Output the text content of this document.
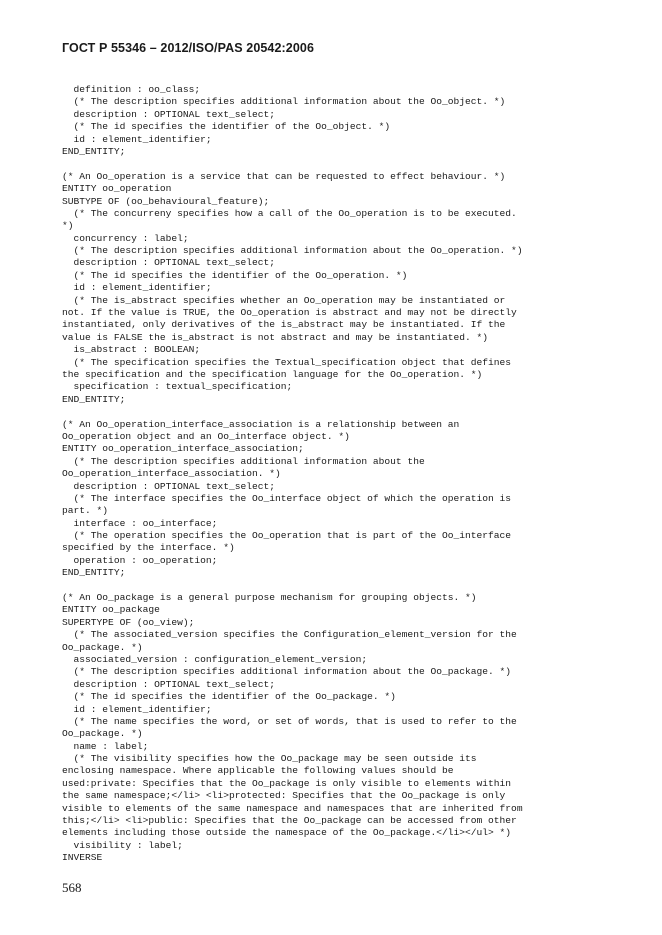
ГОСТ Р 55346 – 2012/ISO/PAS 20542:2006
definition : oo_class;
(* The description specifies additional information about the Oo_object. *)
description : OPTIONAL text_select;
(* The id specifies the identifier of the Oo_object. *)
id : element_identifier;
END_ENTITY;
(* An Oo_operation is a service that can be requested to effect behaviour. *)
ENTITY oo_operation
SUBTYPE OF (oo_behavioural_feature);
(* The concurreny specifies how a call of the Oo_operation is to be executed.
*)
concurrency : label;
(* The description specifies additional information about the Oo_operation. *)
description : OPTIONAL text_select;
(* The id specifies the identifier of the Oo_operation. *)
id : element_identifier;
(* The is_abstract specifies whether an Oo_operation may be instantiated or
not. If the value is TRUE, the Oo_operation is abstract and may not be directly
instantiated, only derivatives of the is_abstract may be instantiated. If the
value is FALSE the is_abstract is not abstract and may be instantiated. *)
is_abstract : BOOLEAN;
(* The specification specifies the Textual_specification object that defines
the specification and the specification language for the Oo_operation. *)
specification : textual_specification;
END_ENTITY;
(* An Oo_operation_interface_association is a relationship between an
Oo_operation object and an Oo_interface object. *)
ENTITY oo_operation_interface_association;
(* The description specifies additional information about the
Oo_operation_interface_association. *)
description : OPTIONAL text_select;
(* The interface specifies the Oo_interface object of which the operation is
part. *)
interface : oo_interface;
(* The operation specifies the Oo_operation that is part of the Oo_interface
specified by the interface. *)
operation : oo_operation;
END_ENTITY;
(* An Oo_package is a general purpose mechanism for grouping objects. *)
ENTITY oo_package
SUPERTYPE OF (oo_view);
(* The associated_version specifies the Configuration_element_version for the
Oo_package. *)
associated_version : configuration_element_version;
(* The description specifies additional information about the Oo_package. *)
description : OPTIONAL text_select;
(* The id specifies the identifier of the Oo_package. *)
id : element_identifier;
(* The name specifies the word, or set of words, that is used to refer to the
Oo_package. *)
name : label;
(* The visibility specifies how the Oo_package may be seen outside its
enclosing namespace. Where applicable the following values should be
used:private: Specifies that the Oo_package is only visible to elements within
the same namespace;</li> <li>protected: Specifies that the Oo_package is only
visible to elements of the same namespace and namespaces that are inherited from
this;</li> <li>public: Specifies that the Oo_package can be accessed from other
elements including those outside the namespace of the Oo_package.</li></ul> *)
visibility : label;
INVERSE
568
